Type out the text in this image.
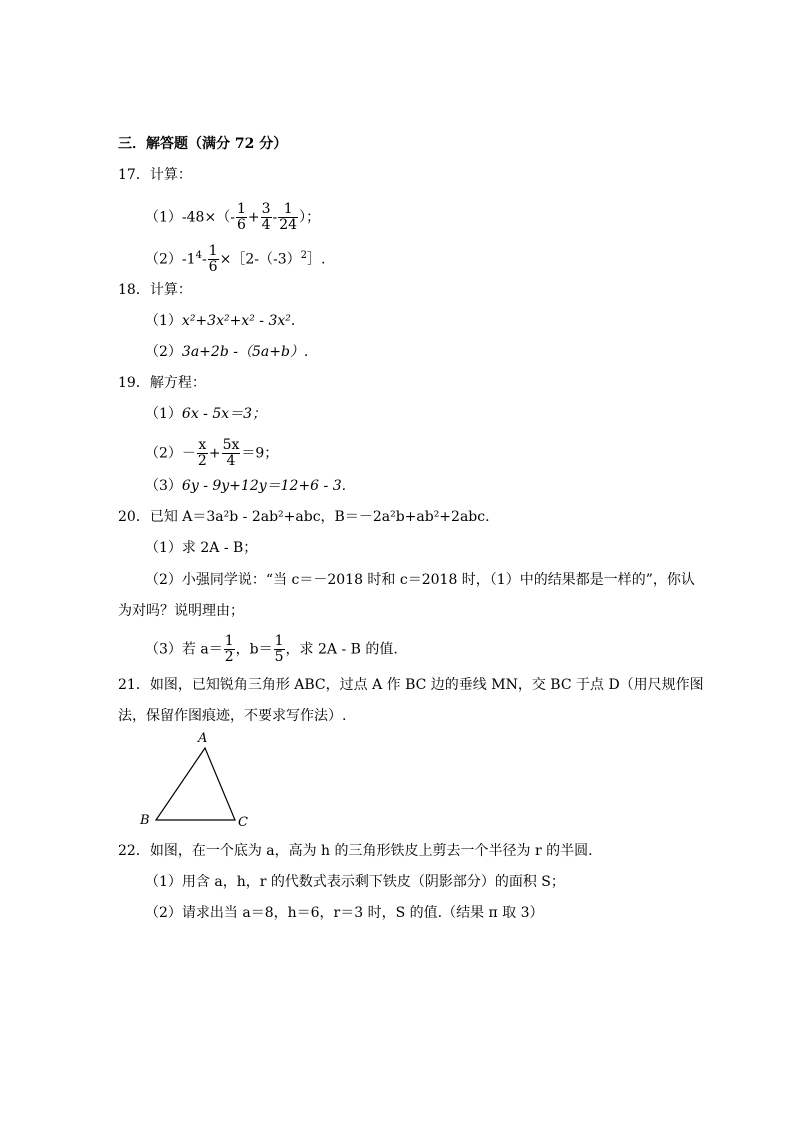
三．解答题（满分 72 分）
17．计算：
$(1)-48\times(- \frac{1}{6} + \frac{3}{4} - \frac{1}{24}$ ）；
$(2)-1^4- \frac{1}{6}$ $\times[2-(-3)^2]$.
18．计算：
（1）x²+3x²+x² - 3x².
（2）3a+2b -（5a+b）.
19．解方程：
（1）6x - 5x＝3；
$(2)- \frac{x}{2} + \frac{5x}{4} =9$；
（3）6y - 9y+12y＝12+6 - 3.
20．已知 A＝3a²b - 2ab²+abc，B＝－2a²b+ab²+2abc.
（1）求 2A - B；
（2）小强同学说：“当 c＝－2018 时和 c＝2018 时，（1）中的结果都是一样的”，你认
为对吗？说明理由；
（3）若 $a= \frac{1}{2}$ ，$b= \frac{1}{5}$ ，求 2A - B 的值.
21．如图，已知锐角三角形 ABC，过点 A 作 BC 边的垂线 MN，交 BC 于点 D（用尺规作图
法，保留作图痕迹，不要求写作法）.
A
B	C
22．如图，在一个底为 a，高为 h 的三角形铁皮上剪去一个半径为 r 的半圆.
（1）用含 a，h，r 的代数式表示剩下铁皮（阴影部分）的面积 S；
（2）请求出当 a＝8，h＝6，r＝3 时，S 的值.（结果 π 取 3）
